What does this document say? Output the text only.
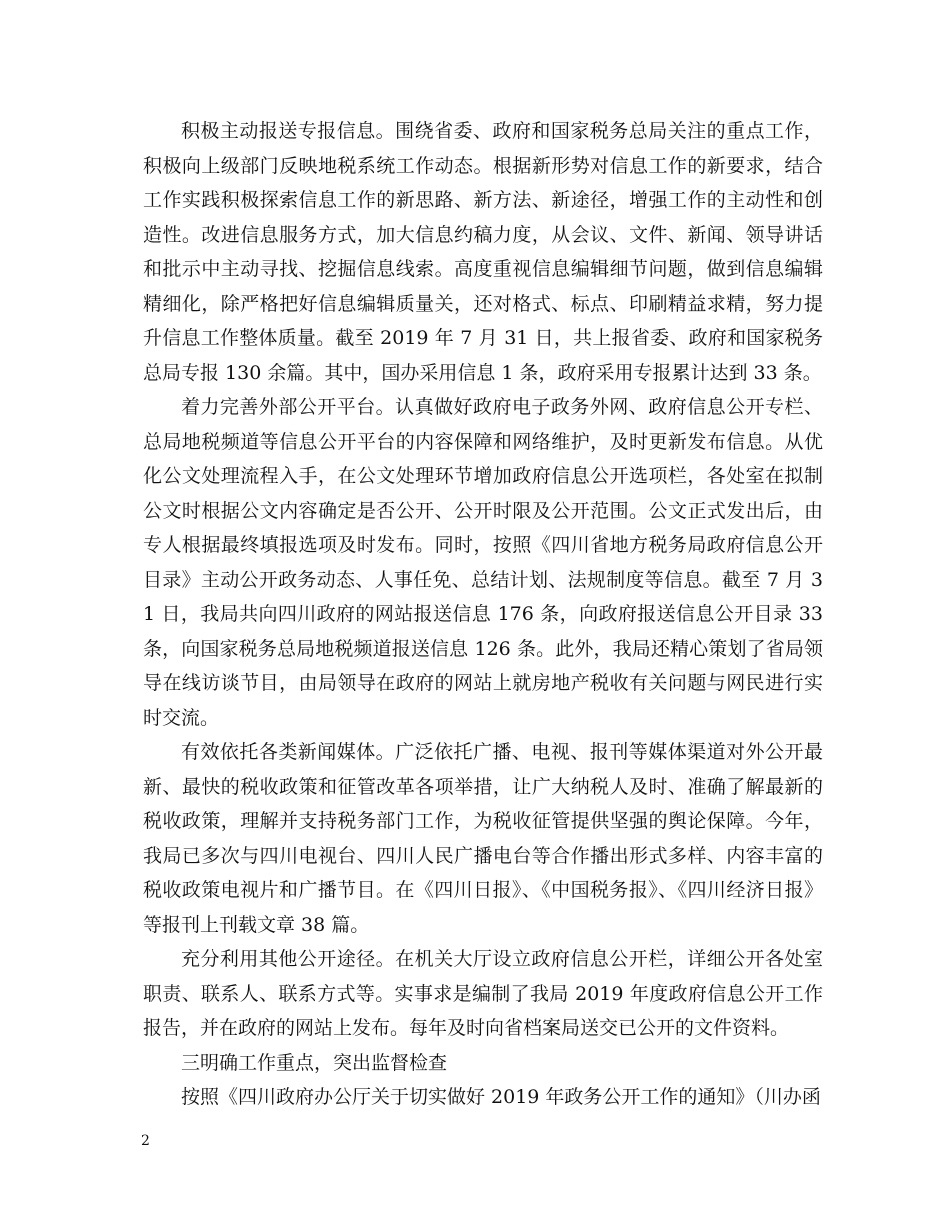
积极主动报送专报信息。围绕省委、政府和国家税务总局关注的重点工作，积极向上级部门反映地税系统工作动态。根据新形势对信息工作的新要求，结合工作实践积极探索信息工作的新思路、新方法、新途径，增强工作的主动性和创造性。改进信息服务方式，加大信息约稿力度，从会议、文件、新闻、领导讲话和批示中主动寻找、挖掘信息线索。高度重视信息编辑细节问题，做到信息编辑精细化，除严格把好信息编辑质量关，还对格式、标点、印刷精益求精，努力提升信息工作整体质量。截至 2019 年 7 月 31 日，共上报省委、政府和国家税务总局专报 130 余篇。其中，国办采用信息 1 条，政府采用专报累计达到 33 条。

着力完善外部公开平台。认真做好政府电子政务外网、政府信息公开专栏、总局地税频道等信息公开平台的内容保障和网络维护，及时更新发布信息。从优化公文处理流程入手，在公文处理环节增加政府信息公开选项栏，各处室在拟制公文时根据公文内容确定是否公开、公开时限及公开范围。公文正式发出后，由专人根据最终填报选项及时发布。同时，按照《四川省地方税务局政府信息公开目录》主动公开政务动态、人事任免、总结计划、法规制度等信息。截至 7 月 31 日，我局共向四川政府的网站报送信息 176 条，向政府报送信息公开目录 33 条，向国家税务总局地税频道报送信息 126 条。此外，我局还精心策划了省局领导在线访谈节目，由局领导在政府的网站上就房地产税收有关问题与网民进行实时交流。

有效依托各类新闻媒体。广泛依托广播、电视、报刊等媒体渠道对外公开最新、最快的税收政策和征管改革各项举措，让广大纳税人及时、准确了解最新的税收政策，理解并支持税务部门工作，为税收征管提供坚强的舆论保障。今年，我局已多次与四川电视台、四川人民广播电台等合作播出形式多样、内容丰富的税收政策电视片和广播节目。在《四川日报》、《中国税务报》、《四川经济日报》等报刊上刊载文章 38 篇。

充分利用其他公开途径。在机关大厅设立政府信息公开栏，详细公开各处室职责、联系人、联系方式等。实事求是编制了我局 2019 年度政府信息公开工作报告，并在政府的网站上发布。每年及时向省档案局送交已公开的文件资料。

三明确工作重点，突出监督检查

按照《四川政府办公厅关于切实做好 2019 年政务公开工作的通知》（川办函

2
